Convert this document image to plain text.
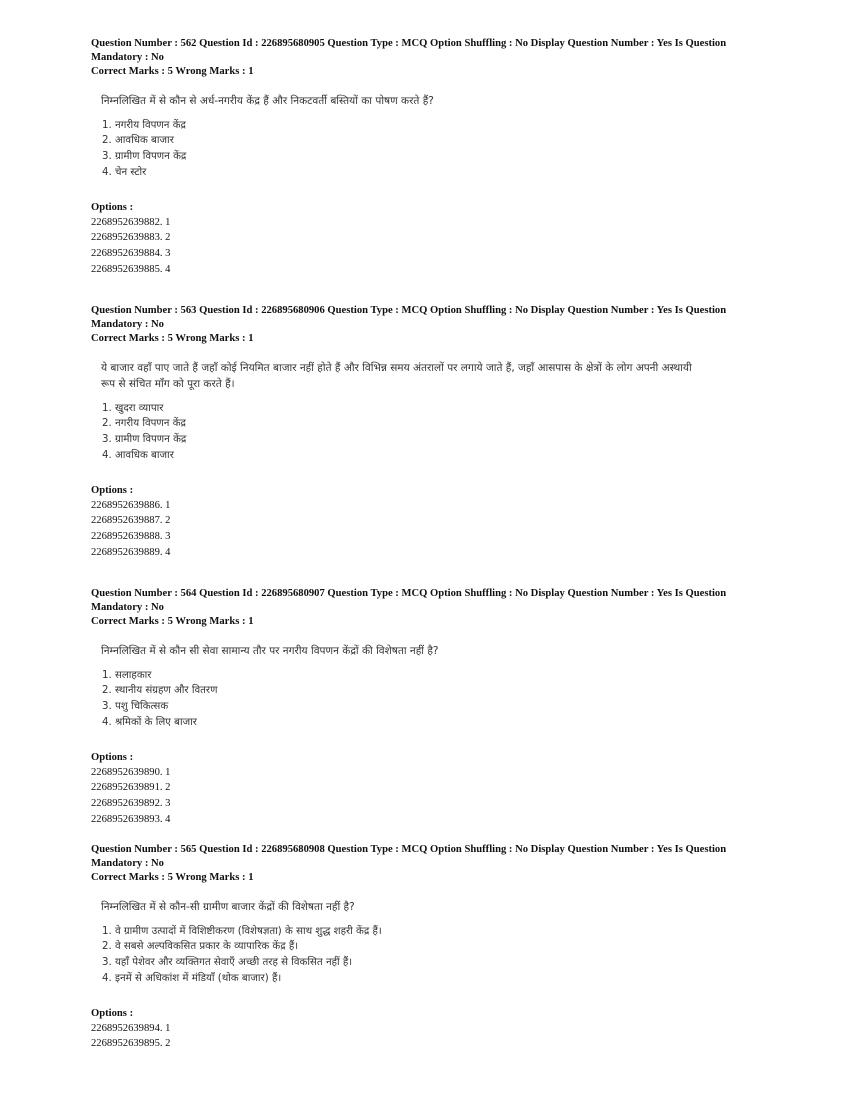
Question Number : 562 Question Id : 226895680905 Question Type : MCQ Option Shuffling : No Display Question Number : Yes Is Question Mandatory : No
Correct Marks : 5 Wrong Marks : 1
निम्नलिखित में से कौन से अर्ध-नगरीय केंद्र हैं और निकटवर्ती बस्तियों का पोषण करते हैं?
1. नगरीय विपणन केंद्र
2. आवधिक बाजार
3. ग्रामीण विपणन केंद्र
4. चेन स्टोर
Options :
2268952639882. 1
2268952639883. 2
2268952639884. 3
2268952639885. 4
Question Number : 563 Question Id : 226895680906 Question Type : MCQ Option Shuffling : No Display Question Number : Yes Is Question Mandatory : No
Correct Marks : 5 Wrong Marks : 1
ये बाजार वहाँ पाए जाते हैं जहाँ कोई नियमित बाजार नहीं होते हैं और विभिन्न समय अंतरालों पर लगाये जाते हैं, जहाँ आसपास के क्षेत्रों के लोग अपनी अस्थायी रूप से संचित माँग को पूरा करते हैं।
1. खुदरा व्यापार
2. नगरीय विपणन केंद्र
3. ग्रामीण विपणन केंद्र
4. आवधिक बाजार
Options :
2268952639886. 1
2268952639887. 2
2268952639888. 3
2268952639889. 4
Question Number : 564 Question Id : 226895680907 Question Type : MCQ Option Shuffling : No Display Question Number : Yes Is Question Mandatory : No
Correct Marks : 5 Wrong Marks : 1
निम्नलिखित में से कौन सी सेवा सामान्य तौर पर नगरीय विपणन केंद्रों की विशेषता नहीं है?
1. सलाहकार
2. स्थानीय संग्रहण और वितरण
3. पशु चिकित्सक
4. श्रमिकों के लिए बाजार
Options :
2268952639890. 1
2268952639891. 2
2268952639892. 3
2268952639893. 4
Question Number : 565 Question Id : 226895680908 Question Type : MCQ Option Shuffling : No Display Question Number : Yes Is Question Mandatory : No
Correct Marks : 5 Wrong Marks : 1
निम्नलिखित में से कौन-सी ग्रामीण बाजार केंद्रों की विशेषता नहीं है?
1. वे ग्रामीण उत्पादों में विशिष्टीकरण (विशेषज्ञता) के साथ शुद्ध शहरी केंद्र हैं।
2. वे सबसे अल्पविकसित प्रकार के व्यापारिक केंद्र हैं।
3. यहाँ पेशेवर और व्यक्तिगत सेवाएँ अच्छी तरह से विकसित नहीं हैं।
4. इनमें से अधिकांश में मंडियाँ (थोक बाजार) हैं।
Options :
2268952639894. 1
2268952639895. 2
